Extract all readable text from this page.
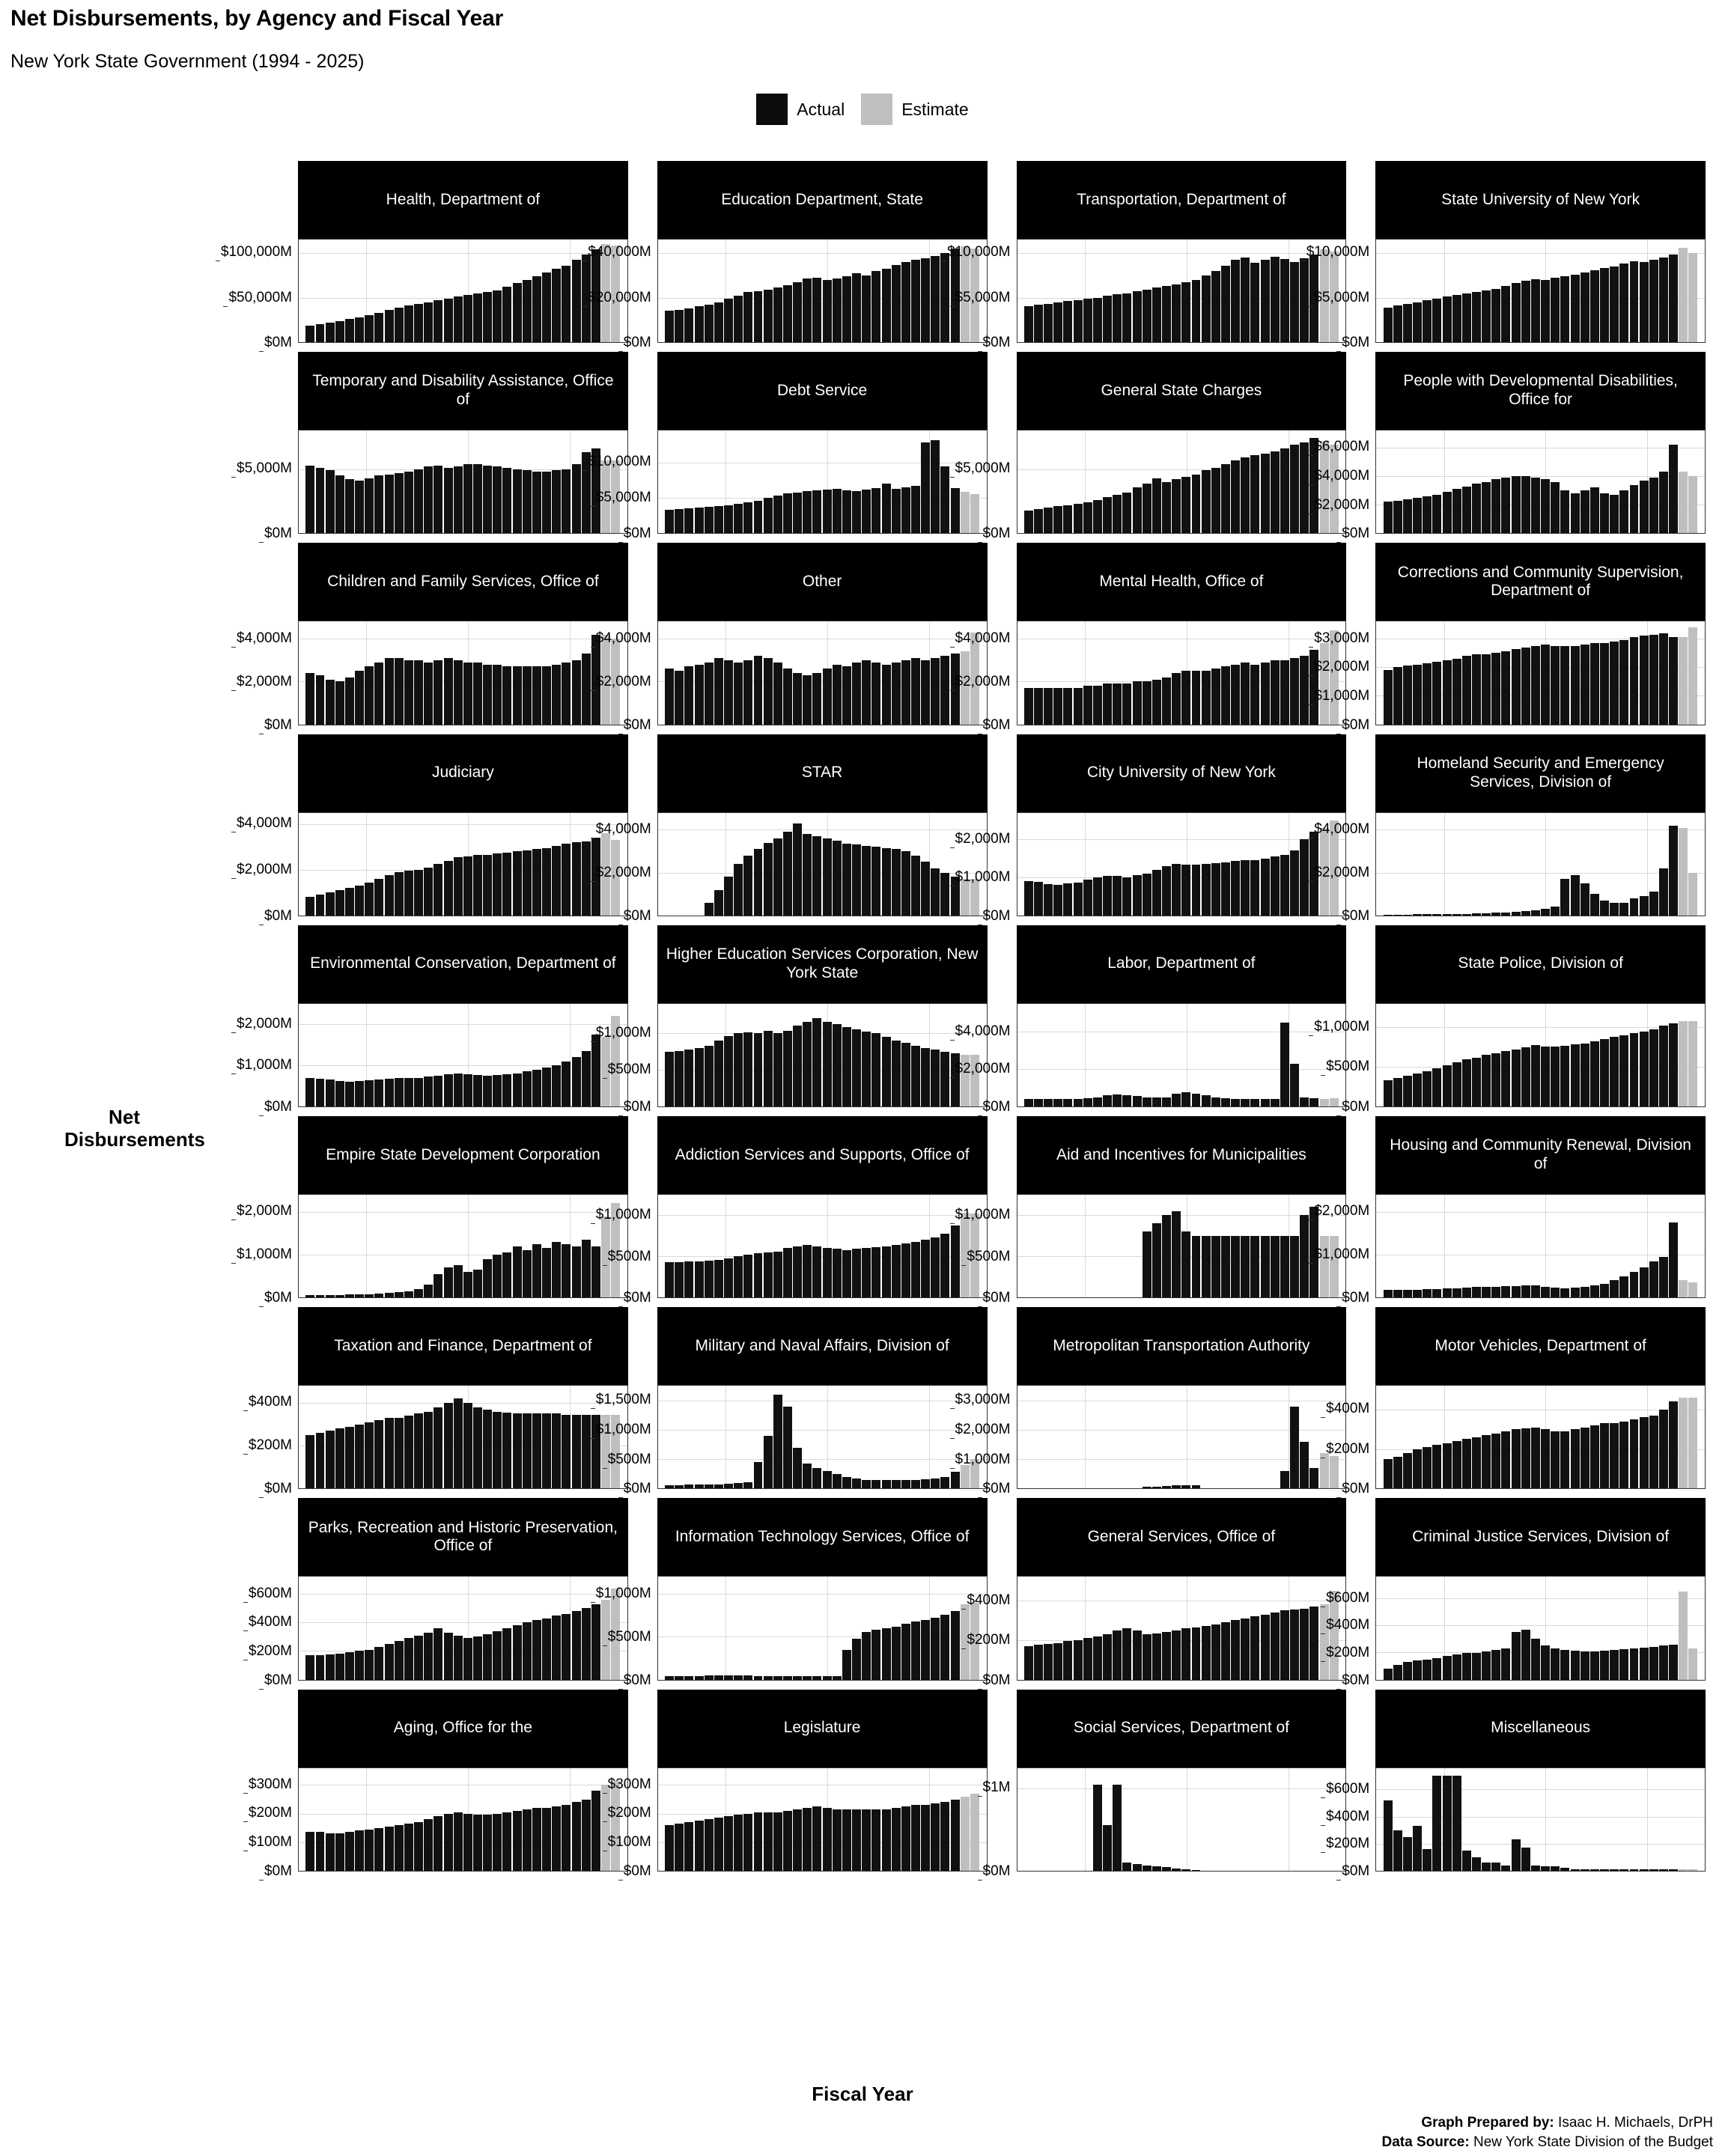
Net Disbursements, by Agency and Fiscal Year
New York State Government (1994 - 2025)
Actual	Estimate
Net Disbursements
Health, Department of
$0M
$50,000M
$100,000M
Education Department, State
$0M
$20,000M
$40,000M
Transportation, Department of
$0M
$5,000M
$10,000M
State University of New York
$0M
$5,000M
$10,000M
Temporary and Disability Assistance, Office of
$0M
$5,000M
Debt Service
$0M
$5,000M
$10,000M
General State Charges
$0M
$5,000M
People with Developmental Disabilities, Office for
$0M
$2,000M
$4,000M
$6,000M
Children and Family Services, Office of
$0M
$2,000M
$4,000M
Other
$0M
$2,000M
$4,000M
Mental Health, Office of
$0M
$2,000M
$4,000M
Corrections and Community Supervision, Department of
$0M
$1,000M
$2,000M
$3,000M
Judiciary
$0M
$2,000M
$4,000M
STAR
$0M
$2,000M
$4,000M
City University of New York
$0M
$1,000M
$2,000M
Homeland Security and Emergency Services, Division of
$0M
$2,000M
$4,000M
Environmental Conservation, Department of
$0M
$1,000M
$2,000M
Higher Education Services Corporation, New York State
$0M
$500M
$1,000M
Labor, Department of
$0M
$2,000M
$4,000M
State Police, Division of
$0M
$500M
$1,000M
Empire State Development Corporation
$0M
$1,000M
$2,000M
Addiction Services and Supports, Office of
$0M
$500M
$1,000M
Aid and Incentives for Municipalities
$0M
$500M
$1,000M
Housing and Community Renewal, Division of
$0M
$1,000M
$2,000M
Taxation and Finance, Department of
$0M
$200M
$400M
Military and Naval Affairs, Division of
$0M
$500M
$1,000M
$1,500M
Metropolitan Transportation Authority
$0M
$1,000M
$2,000M
$3,000M
Motor Vehicles, Department of
$0M
$200M
$400M
Parks, Recreation and Historic Preservation, Office of
$0M
$200M
$400M
$600M
Information Technology Services, Office of
$0M
$500M
$1,000M
General Services, Office of
$0M
$200M
$400M
Criminal Justice Services, Division of
$0M
$200M
$400M
$600M
Aging, Office for the
$0M
$100M
$200M
$300M
Legislature
$0M
$100M
$200M
$300M
Social Services, Department of
$0M
$1M
Miscellaneous
$0M
$200M
$400M
$600M
Fiscal Year
Graph Prepared by: Isaac H. Michaels, DrPH
Data Source: New York State Division of the Budget
